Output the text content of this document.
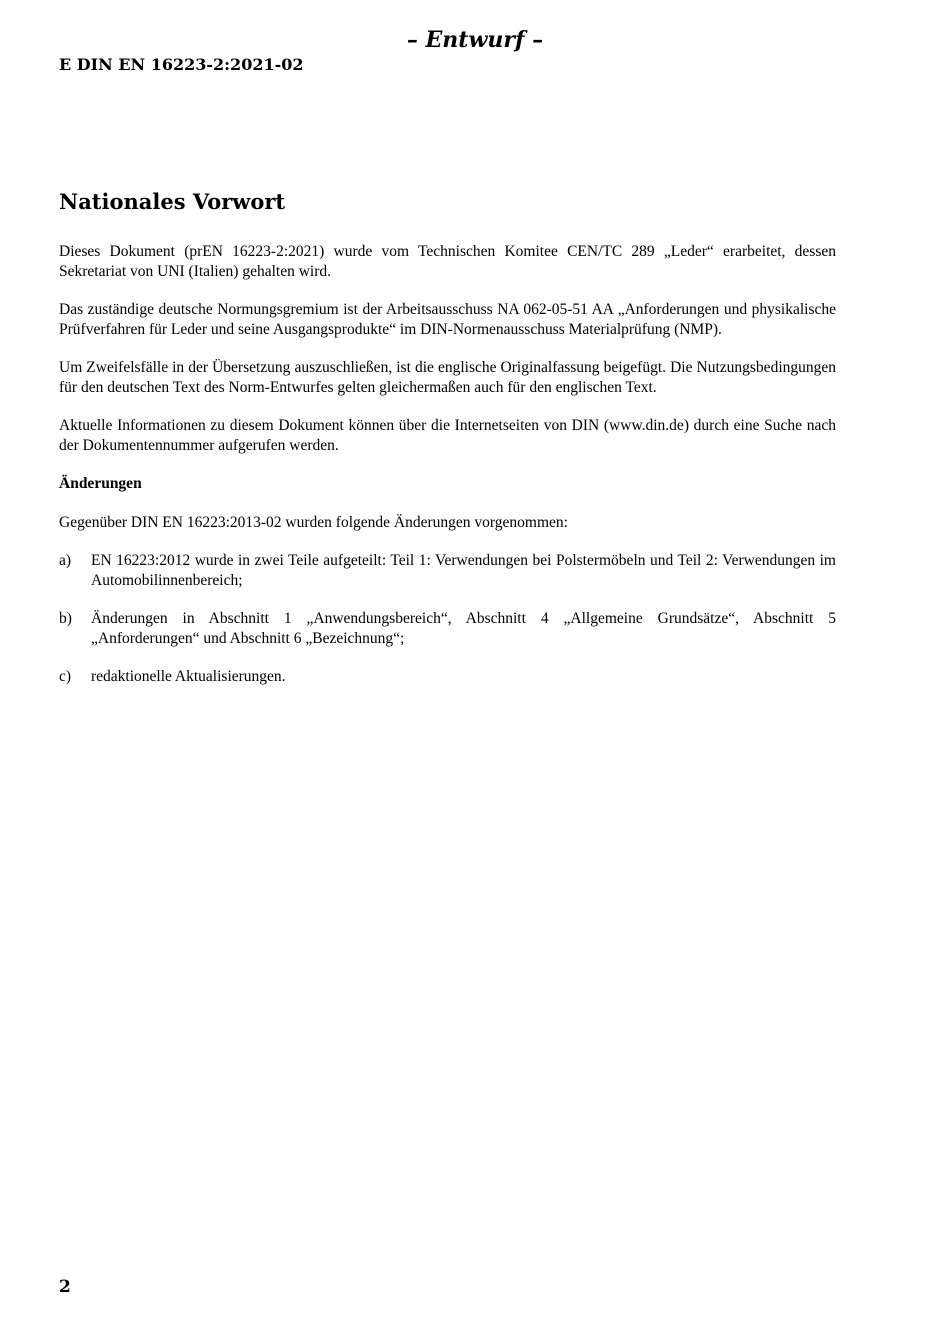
– Entwurf –
E DIN EN 16223-2:2021-02
Nationales Vorwort

Dieses Dokument (prEN 16223-2:2021) wurde vom Technischen Komitee CEN/TC 289 „Leder“ erarbeitet, dessen Sekretariat von UNI (Italien) gehalten wird.

Das zuständige deutsche Normungsgremium ist der Arbeitsausschuss NA 062-05-51 AA „Anforderungen und physikalische Prüfverfahren für Leder und seine Ausgangsprodukte“ im DIN-Normenausschuss Materialprüfung (NMP).

Um Zweifelsfälle in der Übersetzung auszuschließen, ist die englische Originalfassung beigefügt. Die Nutzungsbedingungen für den deutschen Text des Norm-Entwurfes gelten gleichermaßen auch für den englischen Text.

Aktuelle Informationen zu diesem Dokument können über die Internetseiten von DIN (www.din.de) durch eine Suche nach der Dokumentennummer aufgerufen werden.

Änderungen

Gegenüber DIN EN 16223:2013-02 wurden folgende Änderungen vorgenommen:

a)	EN 16223:2012 wurde in zwei Teile aufgeteilt: Teil 1: Verwendungen bei Polstermöbeln und Teil 2: Verwendungen im Automobilinnenbereich;
b)	Änderungen in Abschnitt 1 „Anwendungsbereich“, Abschnitt 4 „Allgemeine Grundsätze“, Abschnitt 5 „Anforderungen“ und Abschnitt 6 „Bezeichnung“;
c)	redaktionelle Aktualisierungen.
2
